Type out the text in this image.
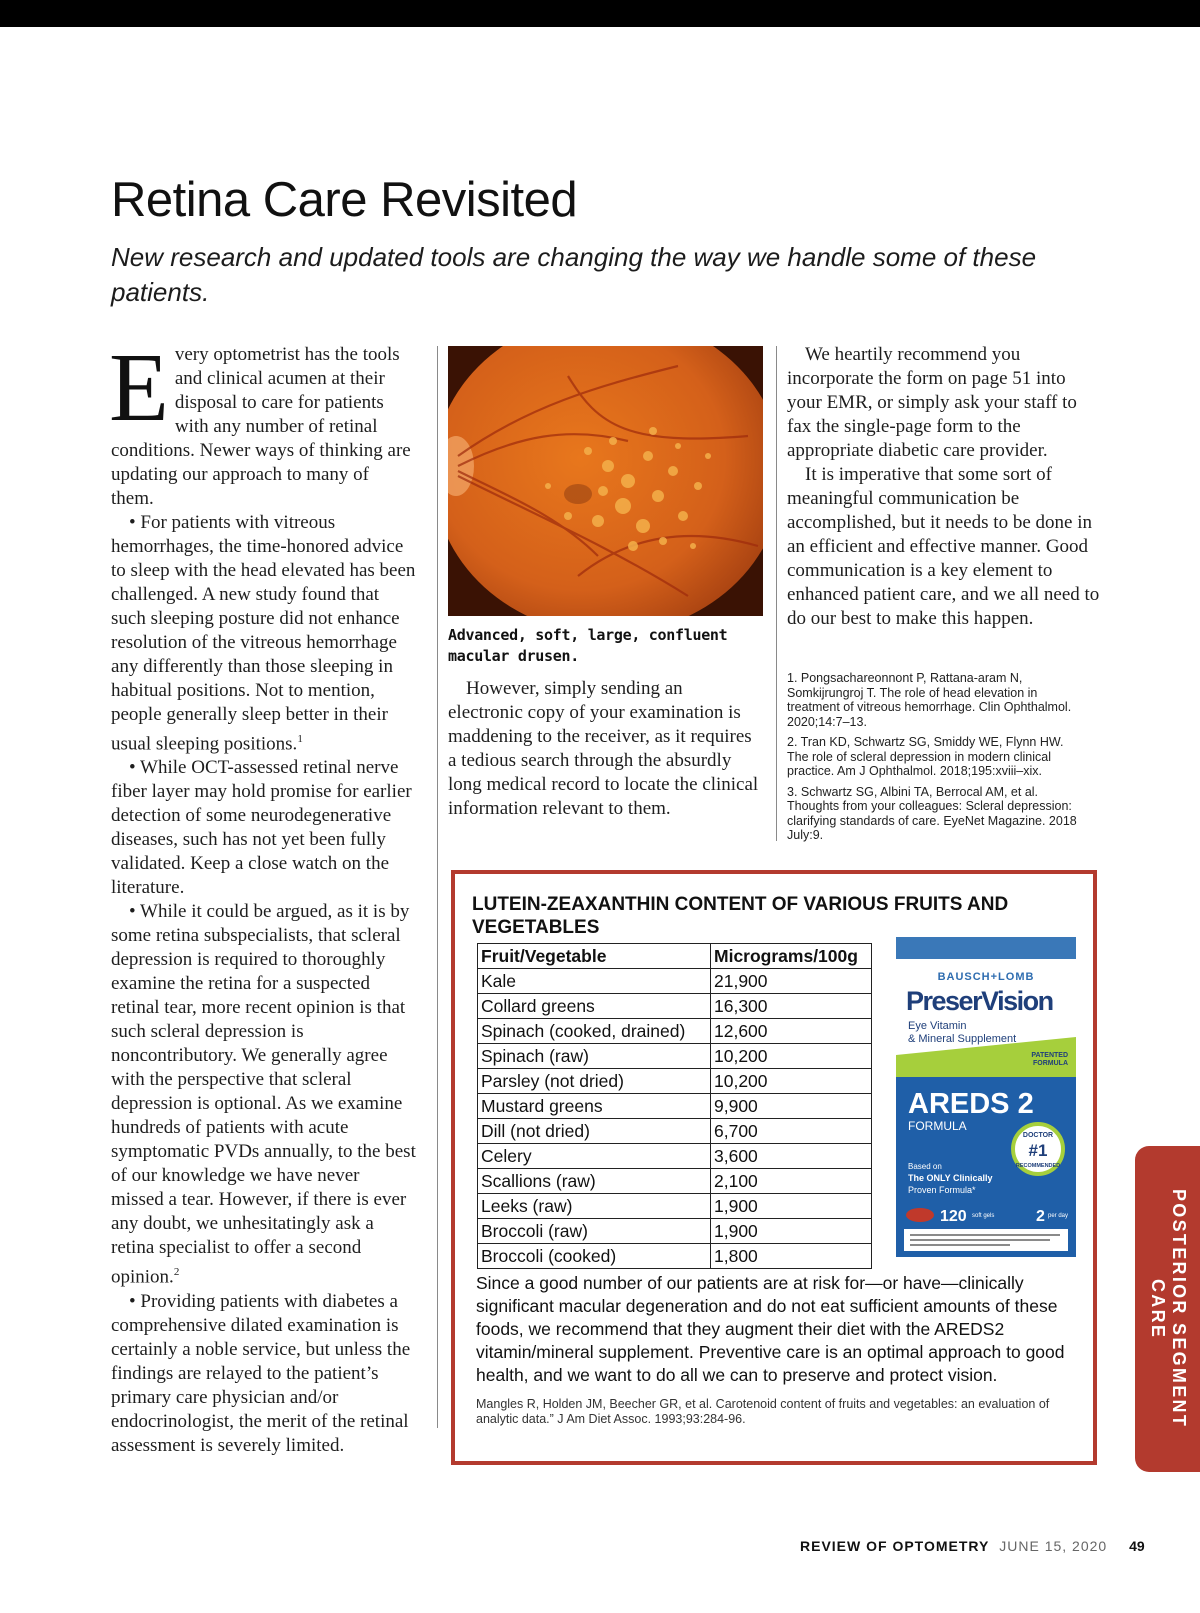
Retina Care Revisited

New research and updated tools are changing the way we handle some of these patients.

Every optometrist has the tools and clinical acumen at their disposal to care for patients with any number of retinal conditions. Newer ways of thinking are updating our approach to many of them.

• For patients with vitreous hemorrhages, the time-honored advice to sleep with the head elevated has been challenged. A new study found that such sleeping posture did not enhance resolution of the vitreous hemorrhage any differently than those sleeping in habitual positions. Not to mention, people generally sleep better in their usual sleeping positions.$^1$

• While OCT-assessed retinal nerve fiber layer may hold promise for earlier detection of some neurodegenerative diseases, such has not yet been fully validated. Keep a close watch on the literature.

• While it could be argued, as it is by some retina subspecialists, that scleral depression is required to thoroughly examine the retina for a suspected retinal tear, more recent opinion is that such scleral depression is noncontributory. We generally agree with the perspective that scleral depression is optional. As we examine hundreds of patients with acute symptomatic PVDs annually, to the best of our knowledge we have never missed a tear. However, if there is ever any doubt, we unhesitatingly ask a retina specialist to offer a second opinion.$^2$

• Providing patients with diabetes a comprehensive dilated examination is certainly a noble service, but unless the findings are relayed to the patient’s primary care physician and/or endocrinologist, the merit of the retinal assessment is severely limited.

Advanced, soft, large, confluent macular drusen.

However, simply sending an electronic copy of your examination is maddening to the receiver, as it requires a tedious search through the absurdly long medical record to locate the clinical information relevant to them.

We heartily recommend you incorporate the form on page 51 into your EMR, or simply ask your staff to fax the single-page form to the appropriate diabetic care provider.

It is imperative that some sort of meaningful communication be accomplished, but it needs to be done in an efficient and effective manner. Good communication is a key element to enhanced patient care, and we all need to do our best to make this happen.

1. Pongsachareonnont P, Rattana-aram N, Somkijrungroj T. The role of head elevation in treatment of vitreous hemorrhage. Clin Ophthalmol. 2020;14:7–13.
2. Tran KD, Schwartz SG, Smiddy WE, Flynn HW. The role of scleral depression in modern clinical practice. Am J Ophthalmol. 2018;195:xviii–xix.
3. Schwartz SG, Albini TA, Berrocal AM, et al. Thoughts from your colleagues: Scleral depression: clarifying standards of care. EyeNet Magazine. 2018 July:9.
LUTEIN-ZEAXANTHIN CONTENT OF VARIOUS FRUITS AND VEGETABLES
Fruit/Vegetable	Micrograms/100g
Kale	21,900
Collard greens	16,300
Spinach (cooked, drained)	12,600
Spinach (raw)	10,200
Parsley (not dried)	10,200
Mustard greens	9,900
Dill (not dried)	6,700
Celery	3,600
Scallions (raw)	2,100
Leeks (raw)	1,900
Broccoli (raw)	1,900
Broccoli (cooked)	1,800
BAUSCH+LOMB
PreserVision
Eye Vitamin
& Mineral Supplement
PATENTED
FORMULA
AREDS 2
FORMULA
DOCTOR
#1
RECOMMENDED
Based on
The ONLY Clinically
Proven Formula*
120 soft gels	2 per day

Since a good number of our patients are at risk for—or have—clinically significant macular degeneration and do not eat sufficient amounts of these foods, we recommend that they augment their diet with the AREDS2 vitamin/mineral supplement. Preventive care is an optimal approach to good health, and we want to do all we can to preserve and protect vision.

Mangles R, Holden JM, Beecher GR, et al. Carotenoid content of fruits and vegetables: an evaluation of analytic data.” J Am Diet Assoc. 1993;93:284-96.	POSTERIOR SEGMENT CARE
REVIEW OF OPTOMETRY JUNE 15, 2020 49
